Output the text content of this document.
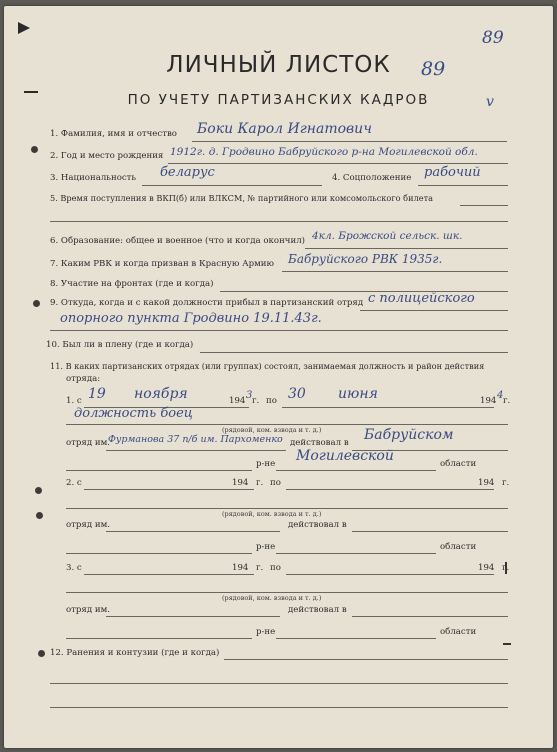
89
ЛИЧНЫЙ ЛИСТОК	89
ПО УЧЕТУ ПАРТИЗАНСКИХ КАДРОВ	v
1. Фамилия, имя и отчество Боки Карол Игнатович
2. Год и место рождения 1912г. д. Гродвино Бабруйского р-на Могилевской обл.
3. Национальность беларус	4. Соцположение рабочий
5. Время поступления в ВКП(б) или ВЛКСМ, № партийного или комсомольского билета
6. Образование: общее и военное (что и когда окончил) 4кл. Брожской сельск. шк.
7. Каким РВК и когда призван в Красную Армию Бабруйского РВК 1935г.
8. Участие на фронтах (где и когда)
9. Откуда, когда и с какой должности прибыл в партизанский отряд с полицейского
опорного пункта Гродвино 19.11.43г.
10. Был ли в плену (где и когда)
11. В каких партизанских отрядах (или группах) состоял, занимаемая должность и район действия
отряда:
1. с 19 ноября	194 3 г. по 30 июня	194 4 г.
должность боец
(рядовой, ком. взвода и т. д.)
отряд им.
Фурманова 37 п/б им. Пархоменко действовал в Бабруйском
р-не Могилевской	области
2. с	194 г. по	194 г.
(рядовой, ком. взвода и т. д.)
отряд им.	действовал в
р-не	области
3. с	194 г. по	194 г.
(рядовой, ком. взвода и т. д.)
отряд им.	действовал в
р-не	области
12. Ранения и контузии (где и когда)
